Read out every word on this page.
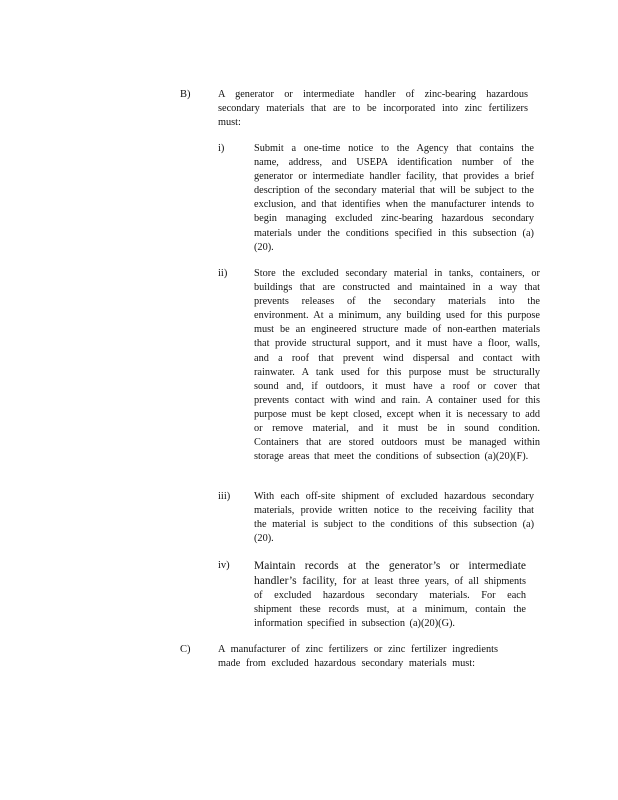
B)	A generator or intermediate handler of zinc-bearing hazardous secondary materials that are to be incorporated into zinc fertilizers must:
i)	Submit a one-time notice to the Agency that contains the name, address, and USEPA identification number of the generator or intermediate handler facility, that provides a brief description of the secondary material that will be subject to the exclusion, and that identifies when the manufacturer intends to begin managing excluded zinc-bearing hazardous secondary materials under the conditions specified in this subsection (a)(20).
ii)	Store the excluded secondary material in tanks, containers, or buildings that are constructed and maintained in a way that prevents releases of the secondary materials into the environment. At a minimum, any building used for this purpose must be an engineered structure made of non-earthen materials that provide structural support, and it must have a floor, walls, and a roof that prevent wind dispersal and contact with rainwater. A tank used for this purpose must be structurally sound and, if outdoors, it must have a roof or cover that prevents contact with wind and rain. A container used for this purpose must be kept closed, except when it is necessary to add or remove material, and it must be in sound condition. Containers that are stored outdoors must be managed within storage areas that meet the conditions of subsection (a)(20)(F).
iii) With each off-site shipment of excluded hazardous secondary materials, provide written notice to the receiving facility that the material is subject to the conditions of this subsection (a)(20).
iv) Maintain records at the generator’s or intermediate handler’s facility, for at least three years, of all shipments of excluded hazardous secondary materials. For each shipment these records must, at a minimum, contain the information specified in subsection (a)(20)(G).
C)	A manufacturer of zinc fertilizers or zinc fertilizer ingredients made from excluded hazardous secondary materials must:
